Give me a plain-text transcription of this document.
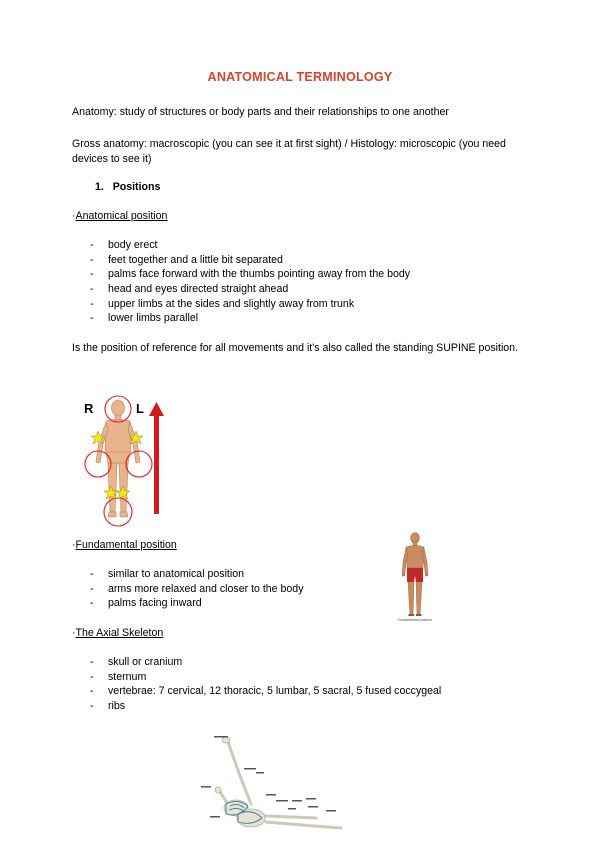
ANATOMICAL TERMINOLOGY
Anatomy: study of structures or body parts and their relationships to one another
Gross anatomy: macroscopic (you can see it at first sight) / Histology: microscopic (you need devices to see it)
1. Positions
·Anatomical position
- body erect
- feet together and a little bit separated
- palms face forward with the thumbs pointing away from the body
- head and eyes directed straight ahead
- upper limbs at the sides and slightly away from trunk
- lower limbs parallel
Is the position of reference for all movements and it's also called the standing SUPINE position.
R	L
·Fundamental position
- similar to anatomical position
- arms more relaxed and closer to the body
- palms facing inward
Fundamental position
·The Axial Skeleton
- skull or cranium
- sternum
- vertebrae: 7 cervical, 12 thoracic, 5 lumbar, 5 sacral, 5 fused coccygeal
- ribs
